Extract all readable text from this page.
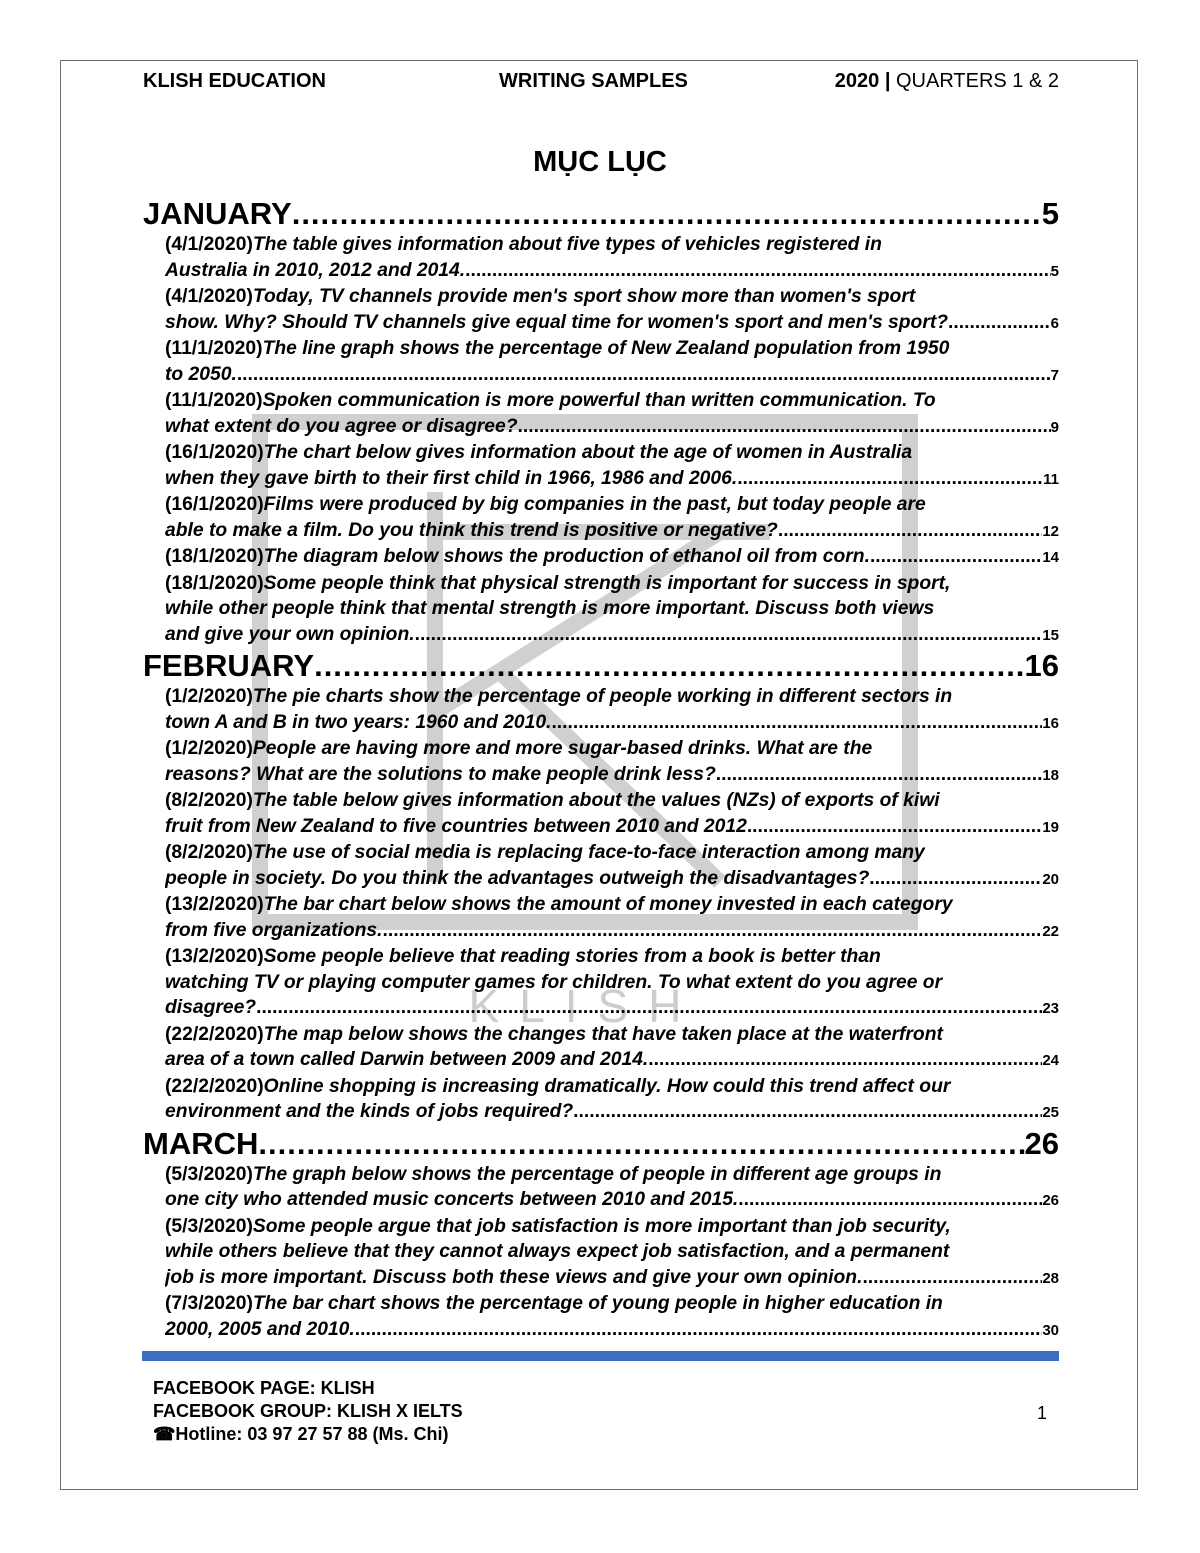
KLISH
KLISH EDUCATION	WRITING SAMPLES	2020 | QUARTERS 1 & 2
MỤC LỤC
JANUARY .....	5
(4/1/2020) The table gives information about five types of vehicles registered in
Australia in 2010, 2012 and 2014. .....	5
(4/1/2020) Today, TV channels provide men's sport show more than women's sport
show. Why? Should TV channels give equal time for women's sport and men's sport? .....	6
(11/1/2020) The line graph shows the percentage of New Zealand population from 1950
to 2050. .....	7
(11/1/2020) Spoken communication is more powerful than written communication. To
what extent do you agree or disagree? .....	9
(16/1/2020) The chart below gives information about the age of women in Australia
when they gave birth to their first child in 1966, 1986 and 2006. .....	11
(16/1/2020) Films were produced by big companies in the past, but today people are
able to make a film. Do you think this trend is positive or negative? .....	12
(18/1/2020) The diagram below shows the production of ethanol oil from corn. .....	14
(18/1/2020) Some people think that physical strength is important for success in sport,
while other people think that mental strength is more important. Discuss both views
and give your own opinion. .....	15
FEBRUARY .....	16
(1/2/2020) The pie charts show the percentage of people working in different sectors in
town A and B in two years: 1960 and 2010. .....	16
(1/2/2020) People are having more and more sugar-based drinks. What are the
reasons? What are the solutions to make people drink less? .....	18
(8/2/2020) The table below gives information about the values (NZs) of exports of kiwi
fruit from New Zealand to five countries between 2010 and 2012 .....	19
(8/2/2020) The use of social media is replacing face-to-face interaction among many
people in society. Do you think the advantages outweigh the disadvantages? .....	20
(13/2/2020) The bar chart below shows the amount of money invested in each category
from five organizations. .....	22
(13/2/2020) Some people believe that reading stories from a book is better than
watching TV or playing computer games for children. To what extent do you agree or
disagree? .....	23
(22/2/2020) The map below shows the changes that have taken place at the waterfront
area of a town called Darwin between 2009 and 2014. .....	24
(22/2/2020) Online shopping is increasing dramatically. How could this trend affect our
environment and the kinds of jobs required? .....	25
MARCH .....	26
(5/3/2020) The graph below shows the percentage of people in different age groups in
one city who attended music concerts between 2010 and 2015. .....	26
(5/3/2020) Some people argue that job satisfaction is more important than job security,
while others believe that they cannot always expect job satisfaction, and a permanent
job is more important. Discuss both these views and give your own opinion. .....	28
(7/3/2020) The bar chart shows the percentage of young people in higher education in
2000, 2005 and 2010. .....	30
FACEBOOK PAGE: KLISH
FACEBOOK GROUP: KLISH X IELTS
☎Hotline: 03 97 27 57 88 (Ms. Chi)
1
